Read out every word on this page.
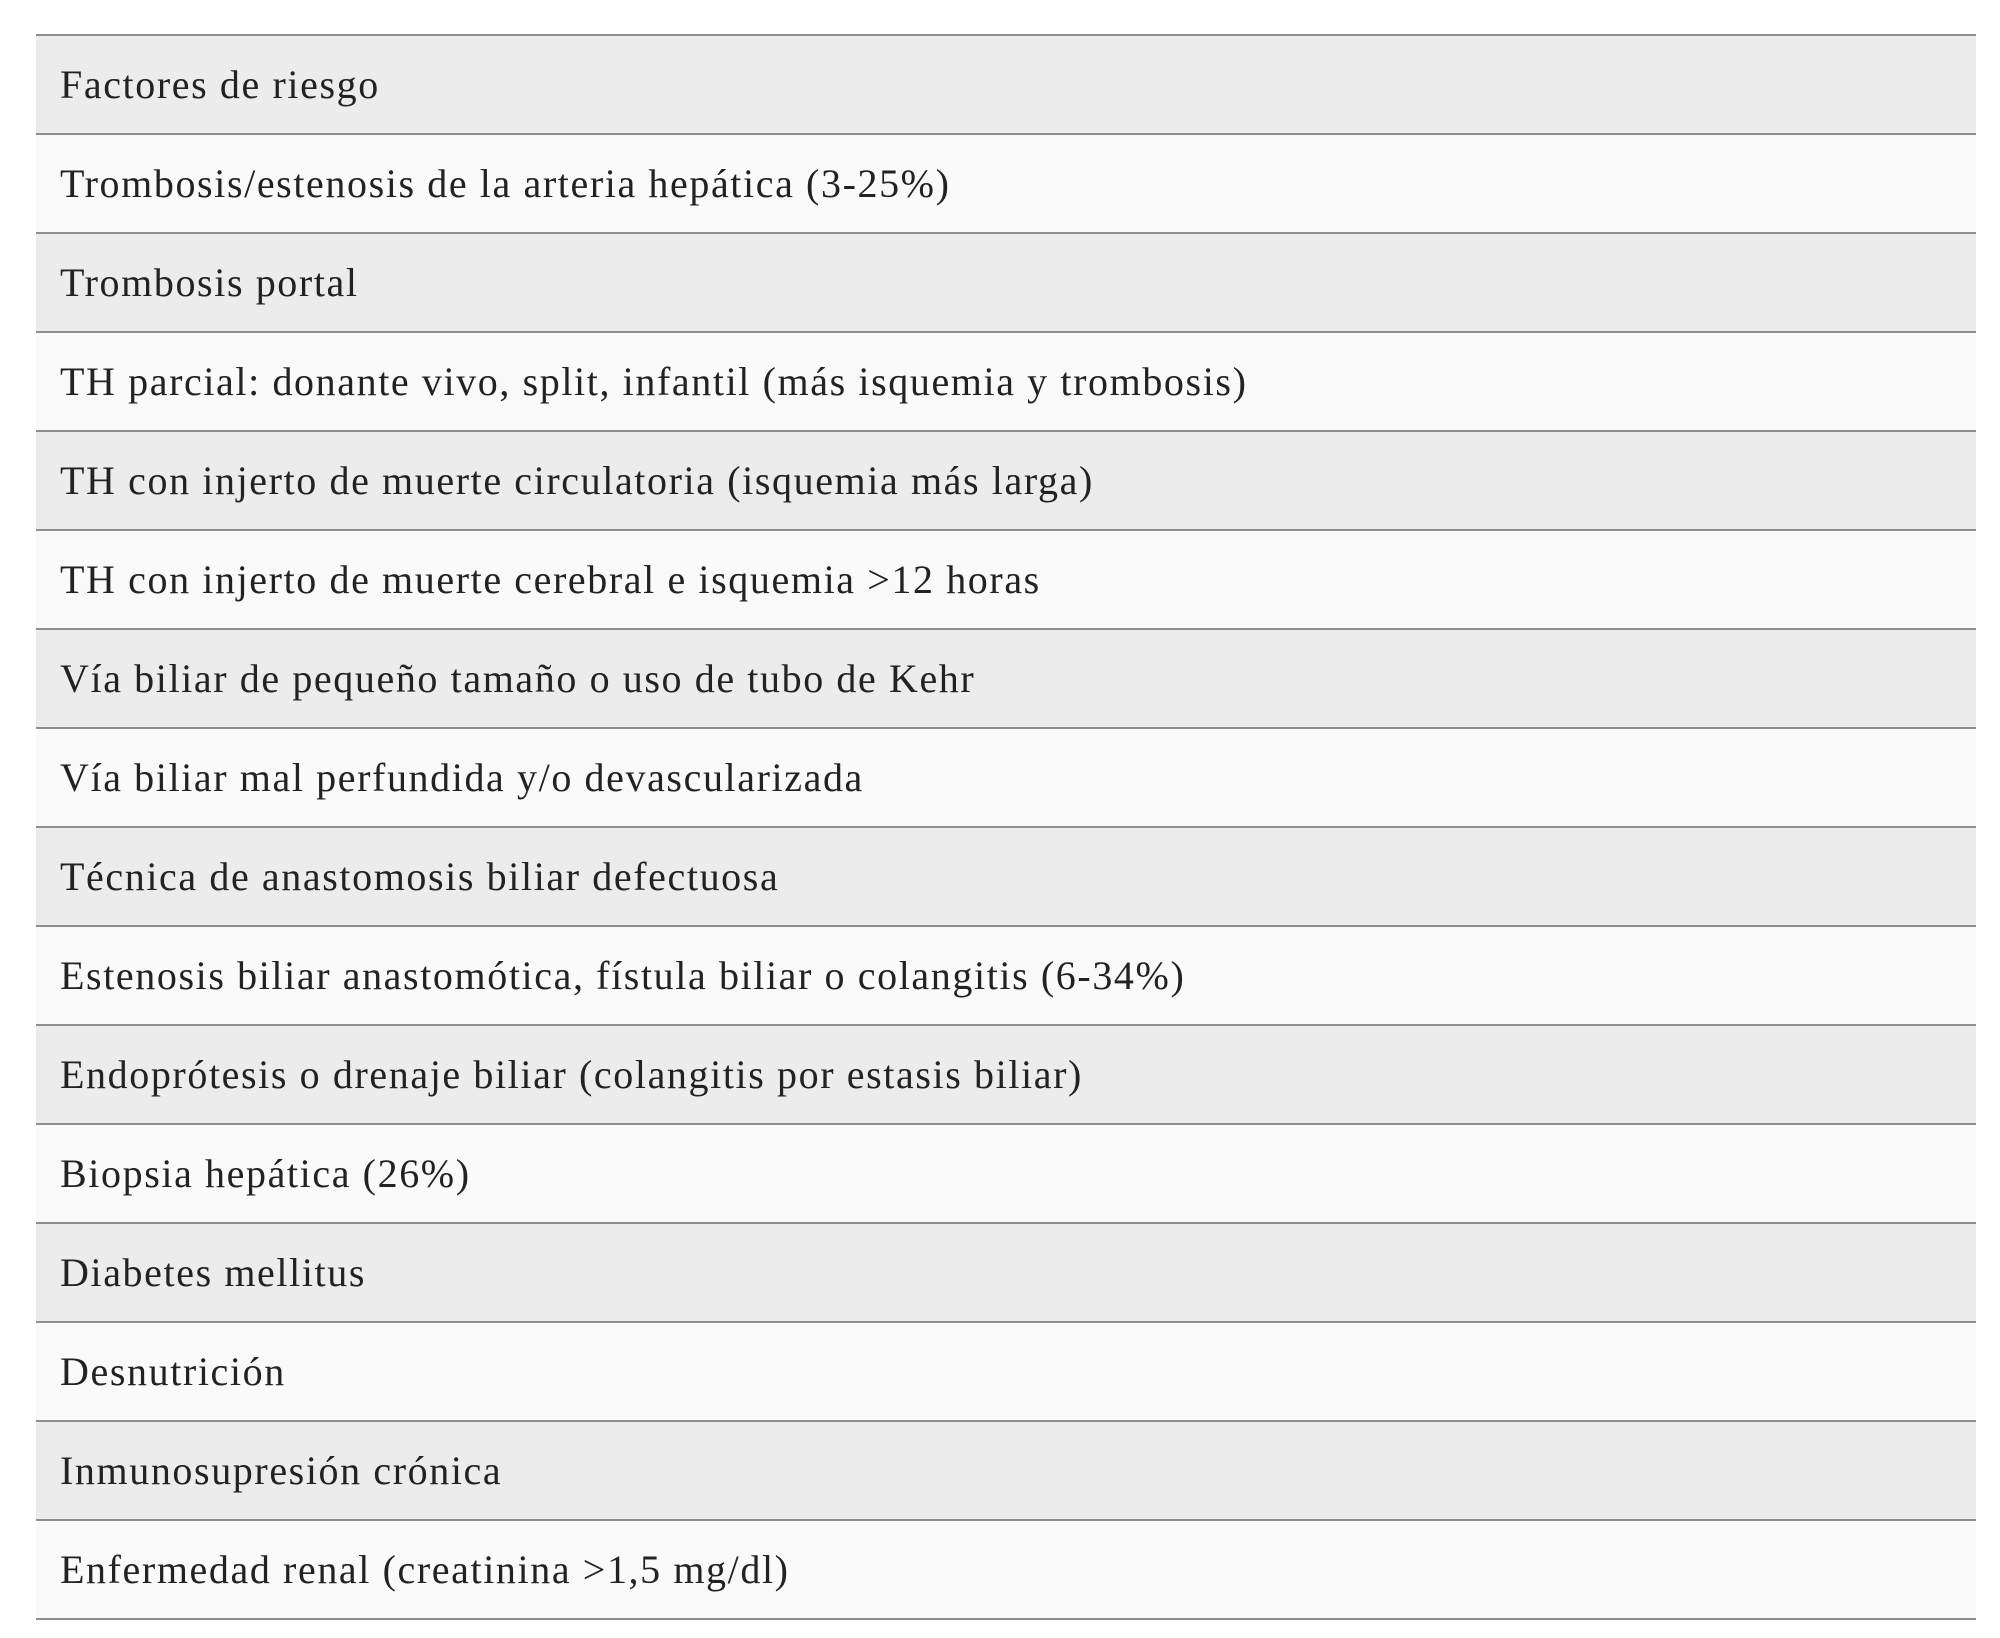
Factores de riesgo
Trombosis/estenosis de la arteria hepática (3-25%)
Trombosis portal
TH parcial: donante vivo, split, infantil (más isquemia y trombosis)
TH con injerto de muerte circulatoria (isquemia más larga)
TH con injerto de muerte cerebral e isquemia >12 horas
Vía biliar de pequeño tamaño o uso de tubo de Kehr
Vía biliar mal perfundida y/o devascularizada
Técnica de anastomosis biliar defectuosa
Estenosis biliar anastomótica, fístula biliar o colangitis (6-34%)
Endoprótesis o drenaje biliar (colangitis por estasis biliar)
Biopsia hepática (26%)
Diabetes mellitus
Desnutrición
Inmunosupresión crónica
Enfermedad renal (creatinina >1,5 mg/dl)
